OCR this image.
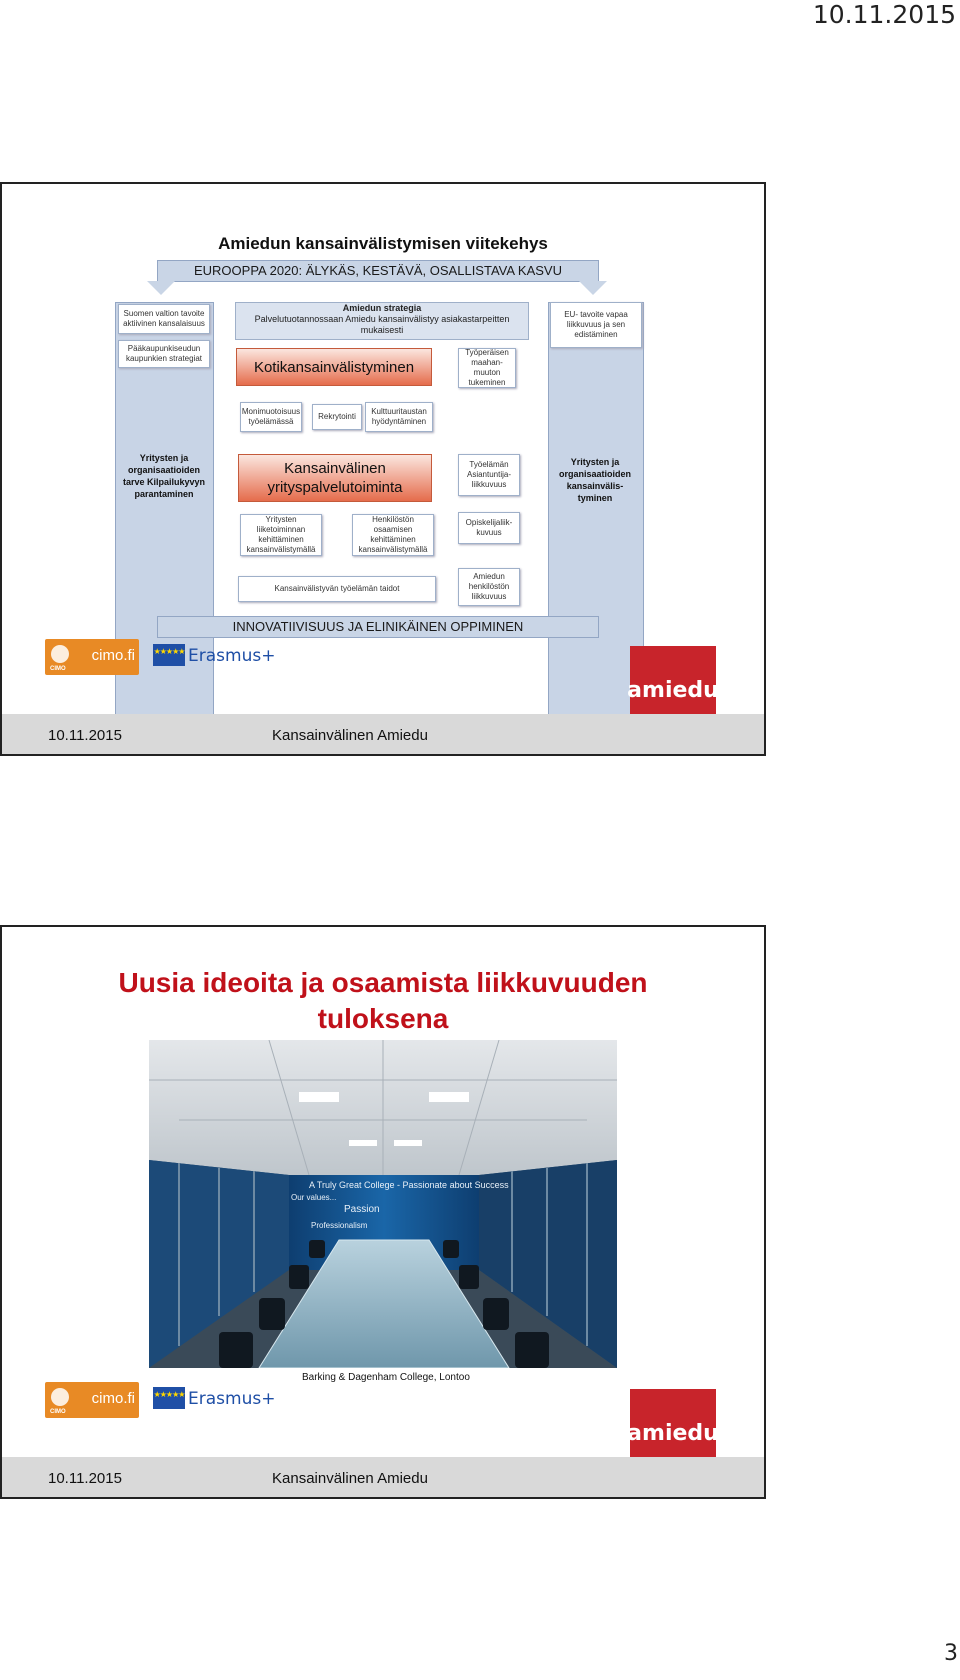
10.11.2015
Amiedun kansainvälistymisen viitekehys
EUROOPPA 2020: ÄLYKÄS, KESTÄVÄ, OSALLISTAVA KASVU
Suomen valtion tavoite aktiivinen kansalaisuus
Pääkaupunkiseudun kaupunkien strategiat
Yritysten ja organisaatioiden tarve Kilpailukyvyn parantaminen
EU- tavoite vapaa liikkuvuus ja sen edistäminen
Yritysten ja organisaatioiden kansainvälis- tyminen
Amiedun strategia
Palvelutuotannossaan Amiedu kansainvälistyy asiakastarpeitten mukaisesti
Kotikansainvälistyminen
Työperäisen maahan- muuton tukeminen
Monimuotoisuus työelämässä
Rekrytointi
Kulttuuritaustan hyödyntäminen
Kansainvälinen yrityspalvelutoiminta
Työelämän Asiantuntija- liikkuvuus
Opiskelijaliik- kuvuus
Yritysten liiketoiminnan kehittäminen kansainvälistymällä
Henkilöstön osaamisen kehittäminen kansainvälistymällä
Kansainvälistyvän työelämän taidot
Amiedun henkilöstön liikkuvuus
INNOVATIIVISUUS JA ELINIKÄINEN OPPIMINEN
CIMO
cimo.fi ★★★★★ Erasmus+
amiedu
10.11.2015	Kansainvälinen Amiedu
Uusia ideoita ja osaamista liikkuvuuden tuloksena
A Truly Great College - Passionate about Success
Our values...
Passion
Professionalism
Barking & Dagenham College, Lontoo
CIMO
cimo.fi ★★★★★ Erasmus+
amiedu
10.11.2015	Kansainvälinen Amiedu
3
